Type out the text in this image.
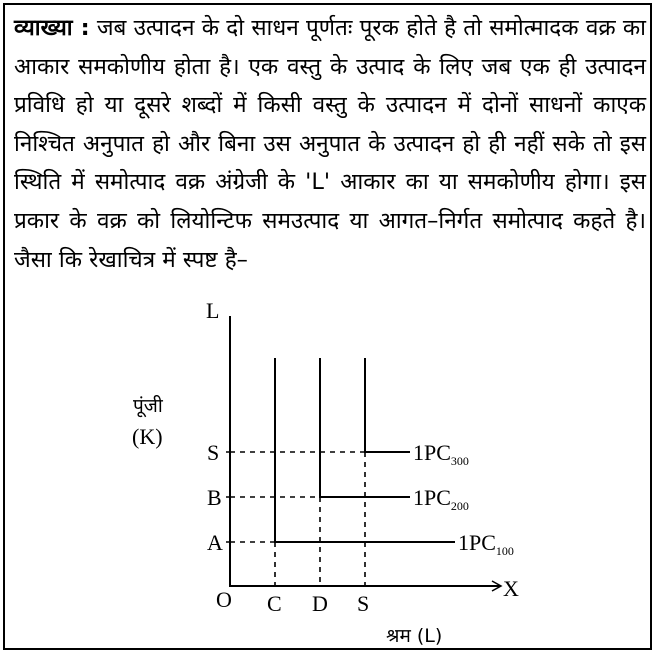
व्याख्या : जब उत्पादन के दो साधन पूर्णतः पूरक होते है तो समोत्मादक वक्र का आकार समकोणीय होता है। एक वस्तु के उत्पाद के लिए जब एक ही उत्पादन प्रविधि हो या दूसरे शब्दों में किसी वस्तु के उत्पादन में दोनों साधनों काएक निश्चित अनुपात हो और बिना उस अनुपात के उत्पादन हो ही नहीं सके तो इस स्थिति में समोत्पाद वक्र अंग्रेजी के 'L' आकार का या समकोणीय होगा। इस प्रकार के वक्र को लियोन्टिफ समउत्पाद या आगत–निर्गत समोत्पाद कहते है। जैसा कि रेखाचित्र में स्पष्ट है–

L
X
O
पूंजी
(K)
श्रम (L)
C D S
A
B
S
$1PC_{100}$
$1PC_{200}$
$1PC_{300}$
